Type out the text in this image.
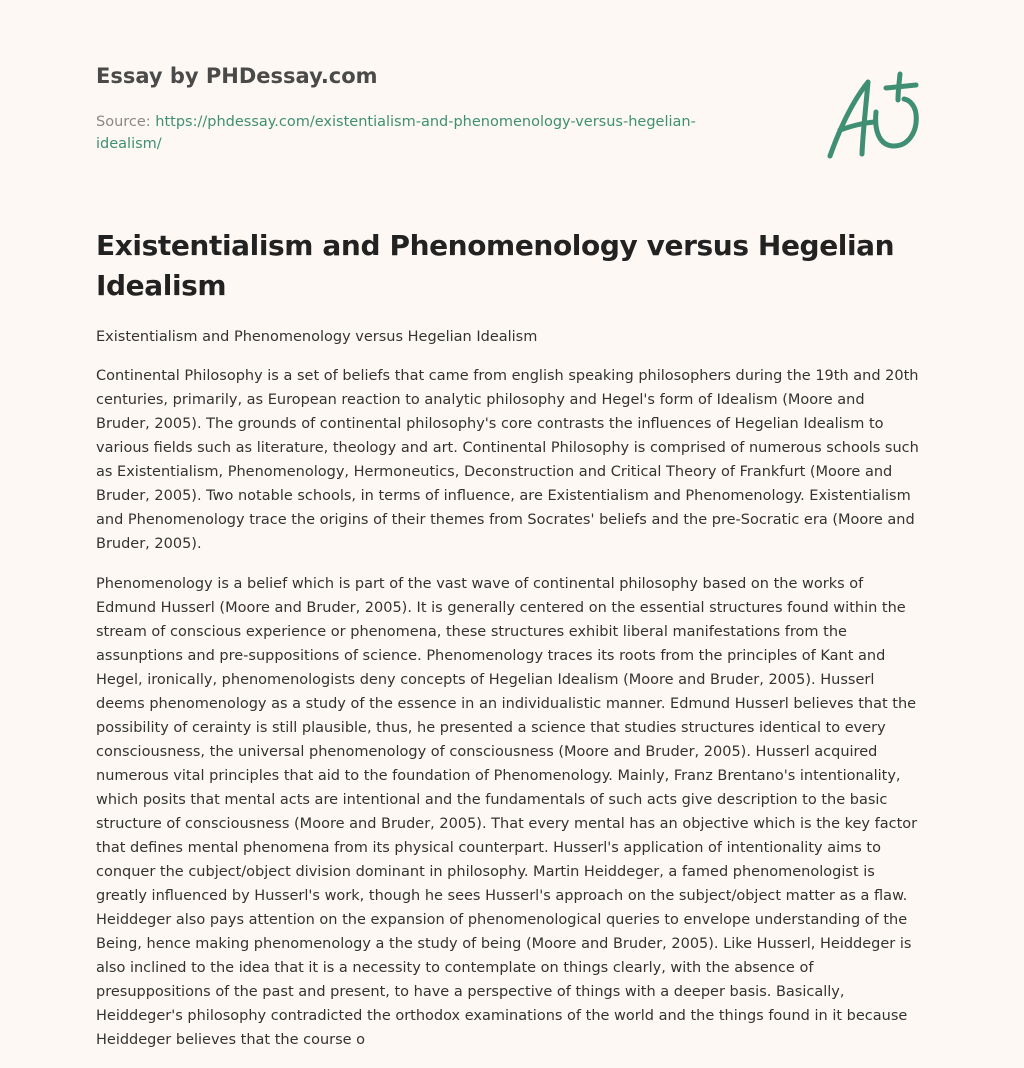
Essay by PHDessay.com

Source: https://phdessay.com/existentialism-and-phenomenology-versus-hegelian-
idealism/
Existentialism and Phenomenology versus Hegelian Idealism

Existentialism and Phenomenology versus Hegelian Idealism

Continental Philosophy is a set of beliefs that came from english speaking philosophers during the 19th and 20th
centuries, primarily, as European reaction to analytic philosophy and Hegel's form of Idealism (Moore and
Bruder, 2005). The grounds of continental philosophy's core contrasts the influences of Hegelian Idealism to
various fields such as literature, theology and art. Continental Philosophy is comprised of numerous schools such
as Existentialism, Phenomenology, Hermoneutics, Deconstruction and Critical Theory of Frankfurt (Moore and
Bruder, 2005). Two notable schools, in terms of influence, are Existentialism and Phenomenology. Existentialism
and Phenomenology trace the origins of their themes from Socrates' beliefs and the pre-Socratic era (Moore and
Bruder, 2005).

Phenomenology is a belief which is part of the vast wave of continental philosophy based on the works of
Edmund Husserl (Moore and Bruder, 2005). It is generally centered on the essential structures found within the
stream of conscious experience or phenomena, these structures exhibit liberal manifestations from the
assunptions and pre-suppositions of science. Phenomenology traces its roots from the principles of Kant and
Hegel, ironically, phenomenologists deny concepts of Hegelian Idealism (Moore and Bruder, 2005). Husserl
deems phenomenology as a study of the essence in an individualistic manner. Edmund Husserl believes that the
possibility of cerainty is still plausible, thus, he presented a science that studies structures identical to every
consciousness, the universal phenomenology of consciousness (Moore and Bruder, 2005). Husserl acquired
numerous vital principles that aid to the foundation of Phenomenology. Mainly, Franz Brentano's intentionality,
which posits that mental acts are intentional and the fundamentals of such acts give description to the basic
structure of consciousness (Moore and Bruder, 2005). That every mental has an objective which is the key factor
that defines mental phenomena from its physical counterpart. Husserl's application of intentionality aims to
conquer the cubject/object division dominant in philosophy. Martin Heiddeger, a famed phenomenologist is
greatly influenced by Husserl's work, though he sees Husserl's approach on the subject/object matter as a flaw.
Heiddeger also pays attention on the expansion of phenomenological queries to envelope understanding of the
Being, hence making phenomenology a the study of being (Moore and Bruder, 2005). Like Husserl, Heiddeger is
also inclined to the idea that it is a necessity to contemplate on things clearly, with the absence of
presuppositions of the past and present, to have a perspective of things with a deeper basis. Basically,
Heiddeger's philosophy contradicted the orthodox examinations of the world and the things found in it because
Heiddeger believes that the course o
